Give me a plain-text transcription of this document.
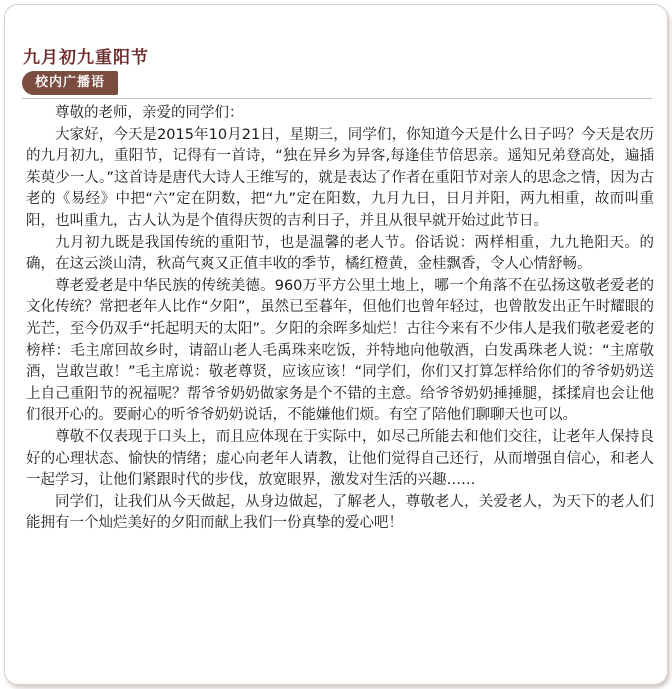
九月初九重阳节
校内广播语

尊敬的老师，亲爱的同学们：

大家好，今天是2015年10月21日，星期三，同学们，你知道今天是什么日子吗？今天是农历的九月初九，重阳节，记得有一首诗，“独在异乡为异客,每逢佳节倍思亲。遥知兄弟登高处，遍插茱萸少一人。”这首诗是唐代大诗人王维写的，就是表达了作者在重阳节对亲人的思念之情，因为古老的《易经》中把“六”定在阴数，把“九”定在阳数，九月九日，日月并阳，两九相重，故而叫重阳，也叫重九，古人认为是个值得庆贺的吉利日子，并且从很早就开始过此节日。

九月初九既是我国传统的重阳节，也是温馨的老人节。俗话说：两样相重，九九艳阳天。的确，在这云淡山清，秋高气爽又正值丰收的季节，橘红橙黄，金桂飘香，令人心情舒畅。

尊老爱老是中华民族的传统美德。960万平方公里土地上，哪一个角落不在弘扬这敬老爱老的文化传统？常把老年人比作“夕阳”，虽然已至暮年，但他们也曾年轻过，也曾散发出正午时耀眼的光芒，至今仍双手“托起明天的太阳”。夕阳的余晖多灿烂！古往今来有不少伟人是我们敬老爱老的榜样：毛主席回故乡时，请韶山老人毛禹珠来吃饭，并特地向他敬酒，白发禹珠老人说：“主席敬酒，岂敢岂敢！”毛主席说：敬老尊贤，应该应该！“同学们，你们又打算怎样给你们的爷爷奶奶送上自己重阳节的祝福呢？帮爷爷奶奶做家务是个不错的主意。给爷爷奶奶捶捶腿，揉揉肩也会让他们很开心的。要耐心的听爷爷奶奶说话，不能嫌他们烦。有空了陪他们聊聊天也可以。

尊敬不仅表现于口头上，而且应体现在于实际中，如尽己所能去和他们交往，让老年人保持良好的心理状态、愉快的情绪；虚心向老年人请教，让他们觉得自己还行，从而增强自信心，和老人一起学习，让他们紧跟时代的步伐，放宽眼界，激发对生活的兴趣……

同学们，让我们从今天做起，从身边做起，了解老人，尊敬老人，关爱老人，为天下的老人们能拥有一个灿烂美好的夕阳而献上我们一份真挚的爱心吧！
